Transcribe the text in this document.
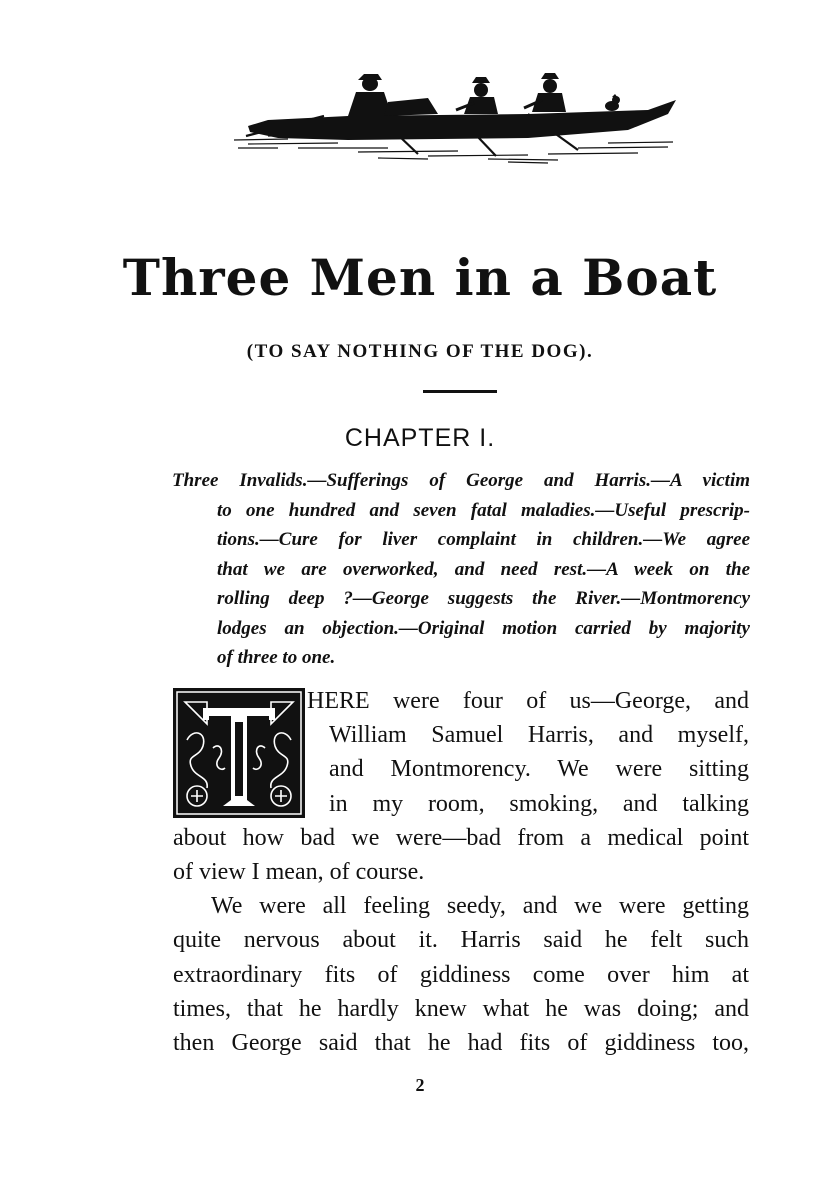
Three Men in a Boat
(TO SAY NOTHING OF THE DOG).
CHAPTER I.
Three Invalids.—Sufferings of George and Harris.—A victim
to one hundred and seven fatal maladies.—Useful prescrip-
tions.—Cure for liver complaint in children.—We agree
that we are overworked, and need rest.—A week on the
rolling deep ?—George suggests the River.—Montmorency
lodges an objection.—Original motion carried by majority
of three to one.
T
HERE were four of us—George, and
William Samuel Harris, and myself,
and Montmorency. We were sitting
in my room, smoking, and talking
about how bad we were—bad from a medical point
of view I mean, of course.
We were all feeling seedy, and we were getting
quite nervous about it. Harris said he felt such
extraordinary fits of giddiness come over him at
times, that he hardly knew what he was doing; and
then George said that he had fits of giddiness too,
2
